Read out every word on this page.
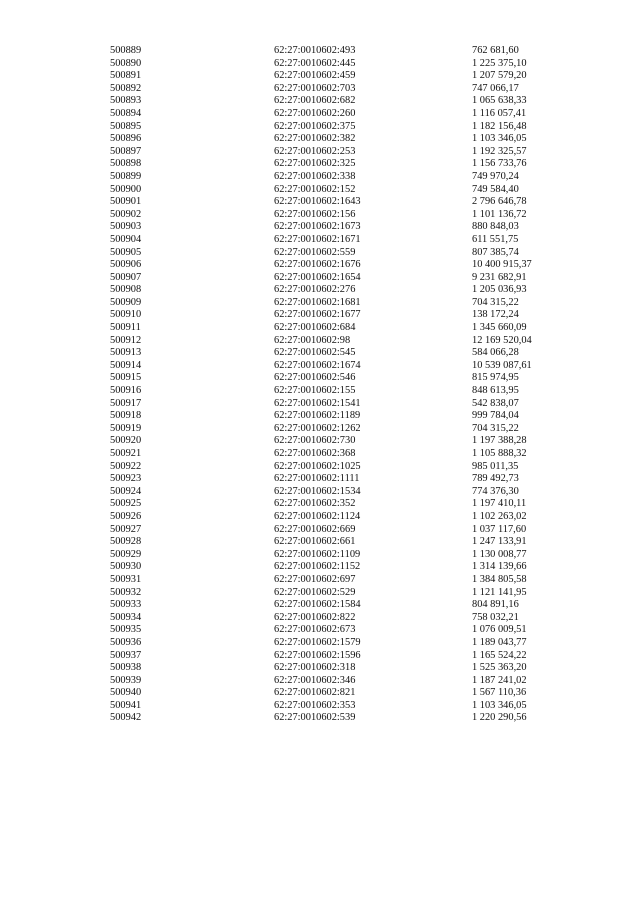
500889	62:27:0010602:493	762 681,60
500890	62:27:0010602:445	1 225 375,10
500891	62:27:0010602:459	1 207 579,20
500892	62:27:0010602:703	747 066,17
500893	62:27:0010602:682	1 065 638,33
500894	62:27:0010602:260	1 116 057,41
500895	62:27:0010602:375	1 182 156,48
500896	62:27:0010602:382	1 103 346,05
500897	62:27:0010602:253	1 192 325,57
500898	62:27:0010602:325	1 156 733,76
500899	62:27:0010602:338	749 970,24
500900	62:27:0010602:152	749 584,40
500901	62:27:0010602:1643	2 796 646,78
500902	62:27:0010602:156	1 101 136,72
500903	62:27:0010602:1673	880 848,03
500904	62:27:0010602:1671	611 551,75
500905	62:27:0010602:559	807 385,74
500906	62:27:0010602:1676	10 400 915,37
500907	62:27:0010602:1654	9 231 682,91
500908	62:27:0010602:276	1 205 036,93
500909	62:27:0010602:1681	704 315,22
500910	62:27:0010602:1677	138 172,24
500911	62:27:0010602:684	1 345 660,09
500912	62:27:0010602:98	12 169 520,04
500913	62:27:0010602:545	584 066,28
500914	62:27:0010602:1674	10 539 087,61
500915	62:27:0010602:546	815 974,95
500916	62:27:0010602:155	848 613,95
500917	62:27:0010602:1541	542 838,07
500918	62:27:0010602:1189	999 784,04
500919	62:27:0010602:1262	704 315,22
500920	62:27:0010602:730	1 197 388,28
500921	62:27:0010602:368	1 105 888,32
500922	62:27:0010602:1025	985 011,35
500923	62:27:0010602:1111	789 492,73
500924	62:27:0010602:1534	774 376,30
500925	62:27:0010602:352	1 197 410,11
500926	62:27:0010602:1124	1 102 263,02
500927	62:27:0010602:669	1 037 117,60
500928	62:27:0010602:661	1 247 133,91
500929	62:27:0010602:1109	1 130 008,77
500930	62:27:0010602:1152	1 314 139,66
500931	62:27:0010602:697	1 384 805,58
500932	62:27:0010602:529	1 121 141,95
500933	62:27:0010602:1584	804 891,16
500934	62:27:0010602:822	758 032,21
500935	62:27:0010602:673	1 076 009,51
500936	62:27:0010602:1579	1 189 043,77
500937	62:27:0010602:1596	1 165 524,22
500938	62:27:0010602:318	1 525 363,20
500939	62:27:0010602:346	1 187 241,02
500940	62:27:0010602:821	1 567 110,36
500941	62:27:0010602:353	1 103 346,05
500942	62:27:0010602:539	1 220 290,56
